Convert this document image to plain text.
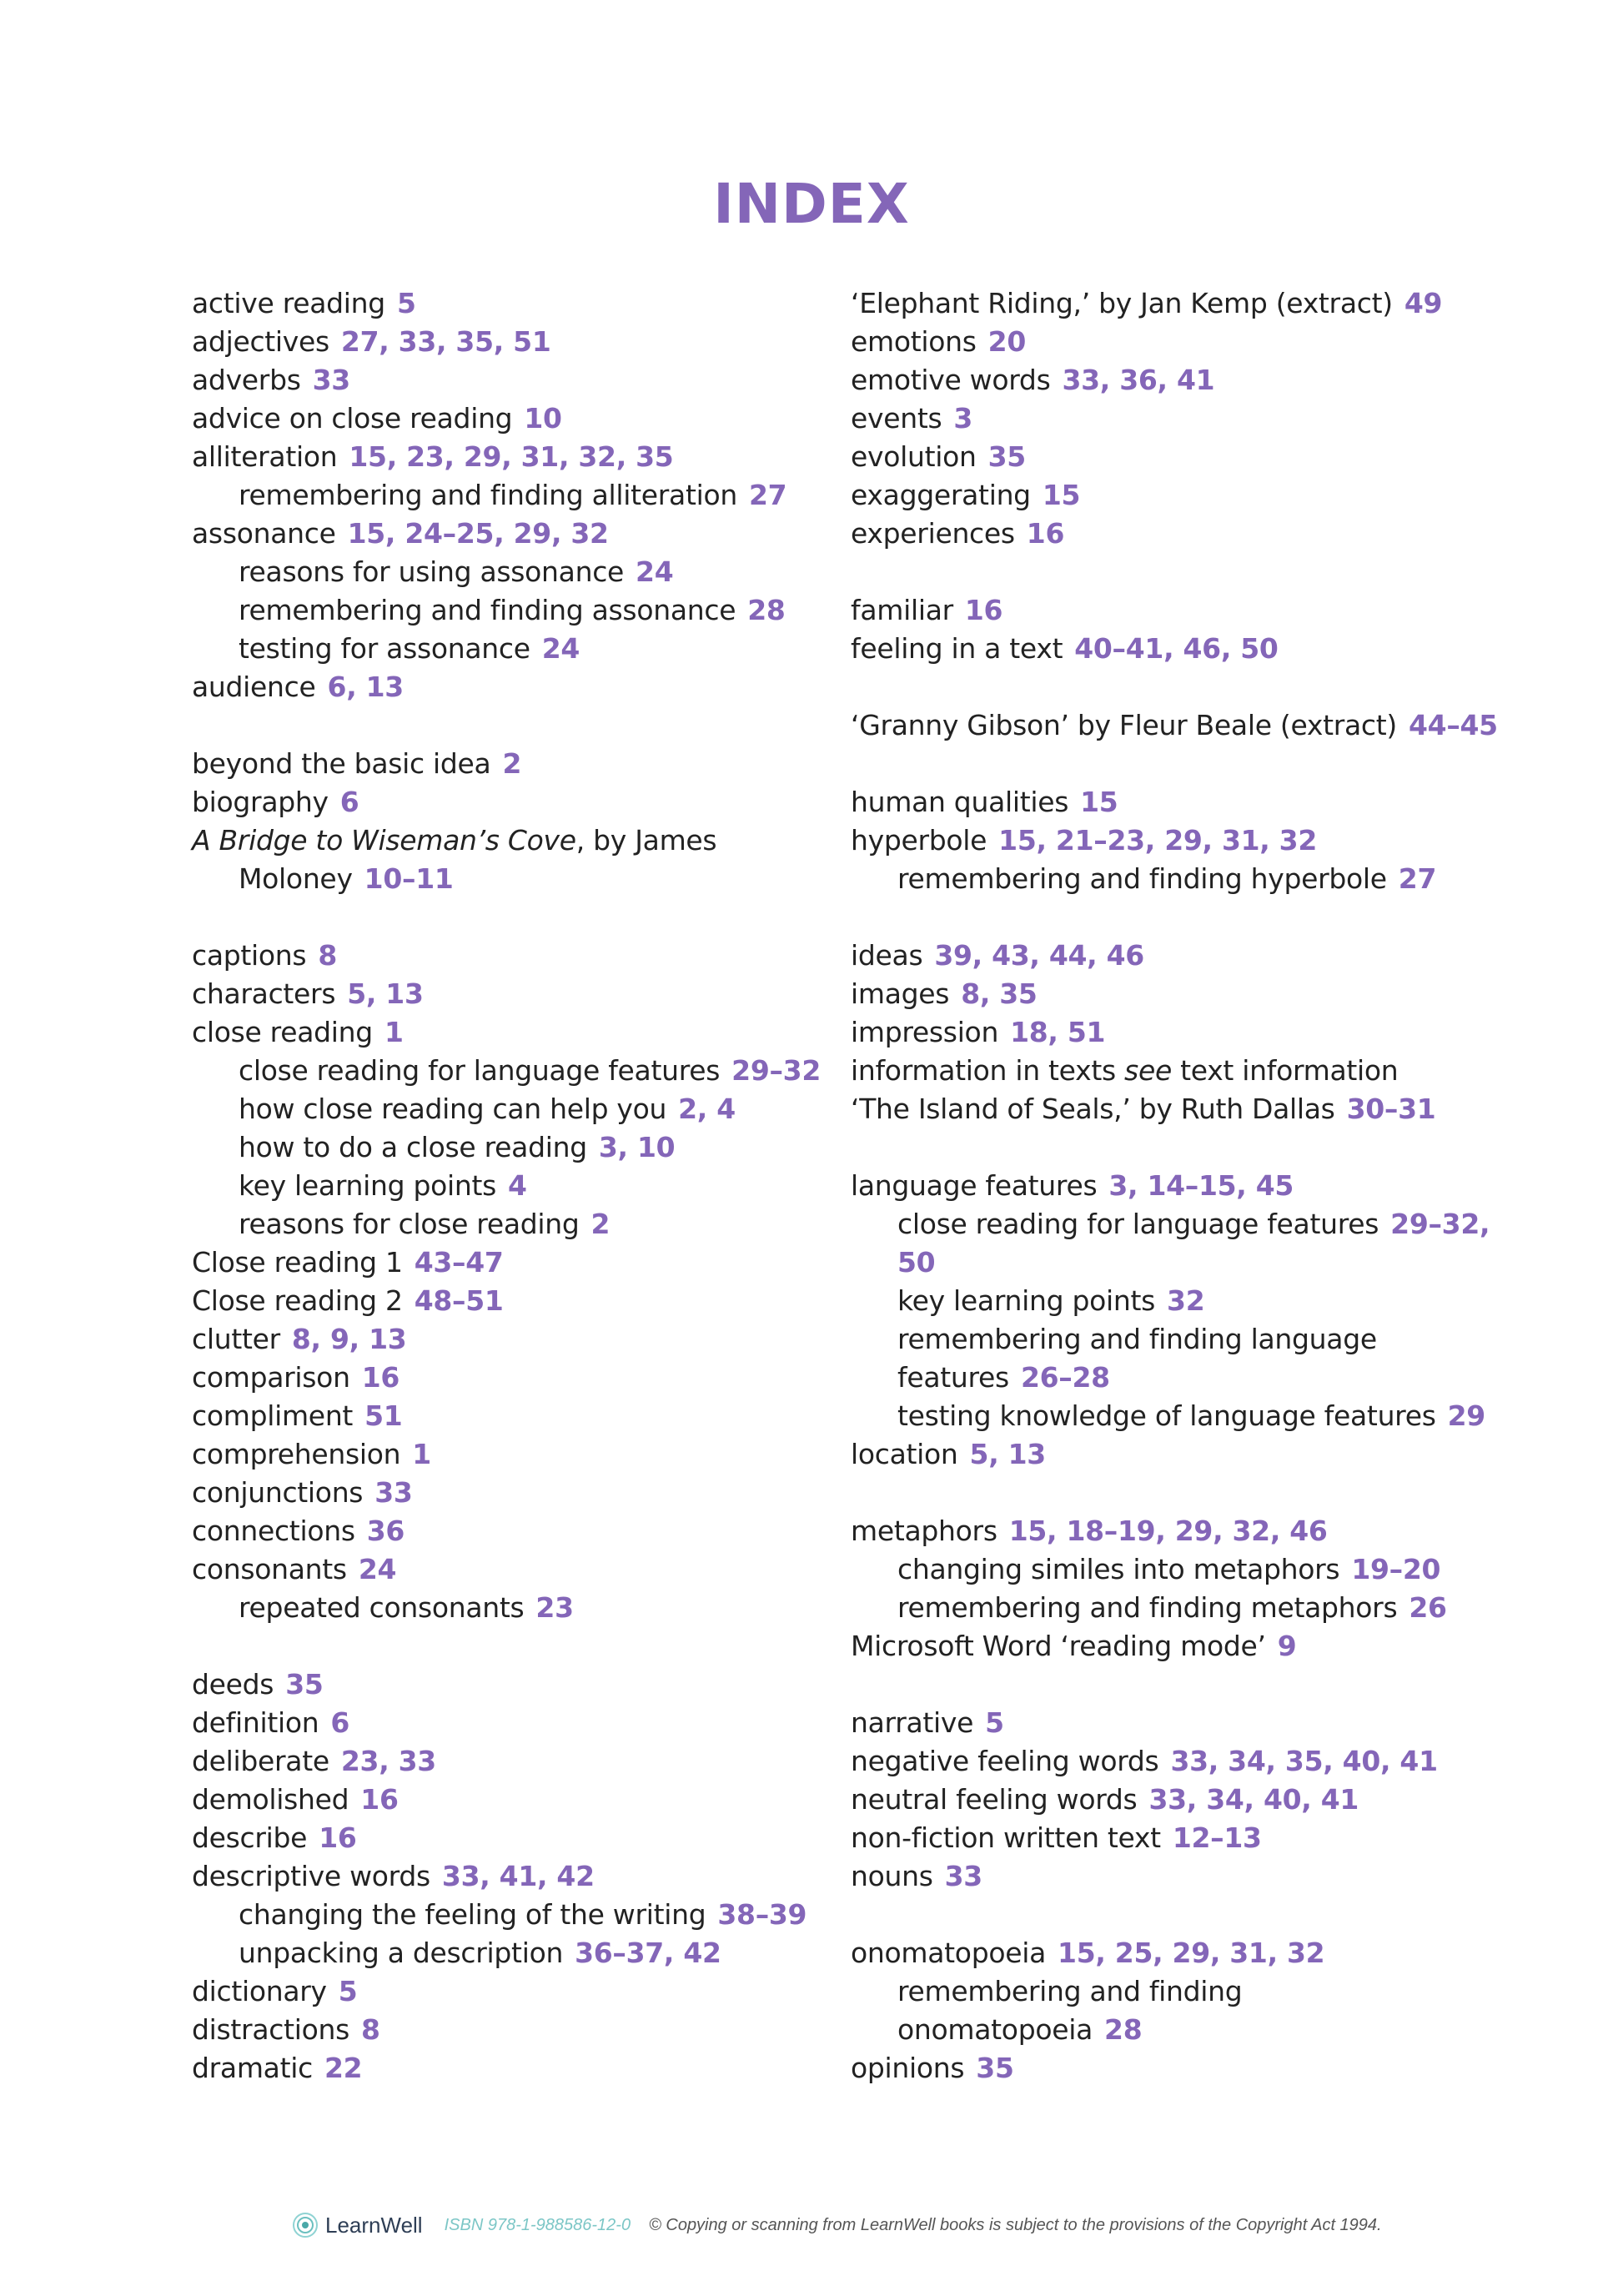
INDEX
active reading 5
adjectives 27, 33, 35, 51
adverbs 33
advice on close reading 10
alliteration 15, 23, 29, 31, 32, 35
remembering and finding alliteration 27
assonance 15, 24–25, 29, 32
reasons for using assonance 24
remembering and finding assonance 28
testing for assonance 24
audience 6, 13
beyond the basic idea 2
biography 6
A Bridge to Wiseman’s Cove, by James
Moloney 10–11
captions 8
characters 5, 13
close reading 1
close reading for language features 29–32
how close reading can help you 2, 4
how to do a close reading 3, 10
key learning points 4
reasons for close reading 2
Close reading 1 43–47
Close reading 2 48–51
clutter 8, 9, 13
comparison 16
compliment 51
comprehension 1
conjunctions 33
connections 36
consonants 24
repeated consonants 23
deeds 35
definition 6
deliberate 23, 33
demolished 16
describe 16
descriptive words 33, 41, 42
changing the feeling of the writing 38–39
unpacking a description 36–37, 42
dictionary 5
distractions 8
dramatic 22
‘Elephant Riding,’ by Jan Kemp (extract) 49
emotions 20
emotive words 33, 36, 41
events 3
evolution 35
exaggerating 15
experiences 16
familiar 16
feeling in a text 40–41, 46, 50
‘Granny Gibson’ by Fleur Beale (extract) 44–45
human qualities 15
hyperbole 15, 21–23, 29, 31, 32
remembering and finding hyperbole 27
ideas 39, 43, 44, 46
images 8, 35
impression 18, 51
information in texts see text information
‘The Island of Seals,’ by Ruth Dallas 30–31
language features 3, 14–15, 45
close reading for language features 29–32,
50
key learning points 32
remembering and finding language
features 26–28
testing knowledge of language features 29
location 5, 13
metaphors 15, 18–19, 29, 32, 46
changing similes into metaphors 19–20
remembering and finding metaphors 26
Microsoft Word ‘reading mode’ 9
narrative 5
negative feeling words 33, 34, 35, 40, 41
neutral feeling words 33, 34, 40, 41
non-fiction written text 12–13
nouns 33
onomatopoeia 15, 25, 29, 31, 32
remembering and finding
onomatopoeia 28
opinions 35
LearnWell ISBN 978-1-988586-12-0 © Copying or scanning from LearnWell books is subject to the provisions of the Copyright Act 1994.
